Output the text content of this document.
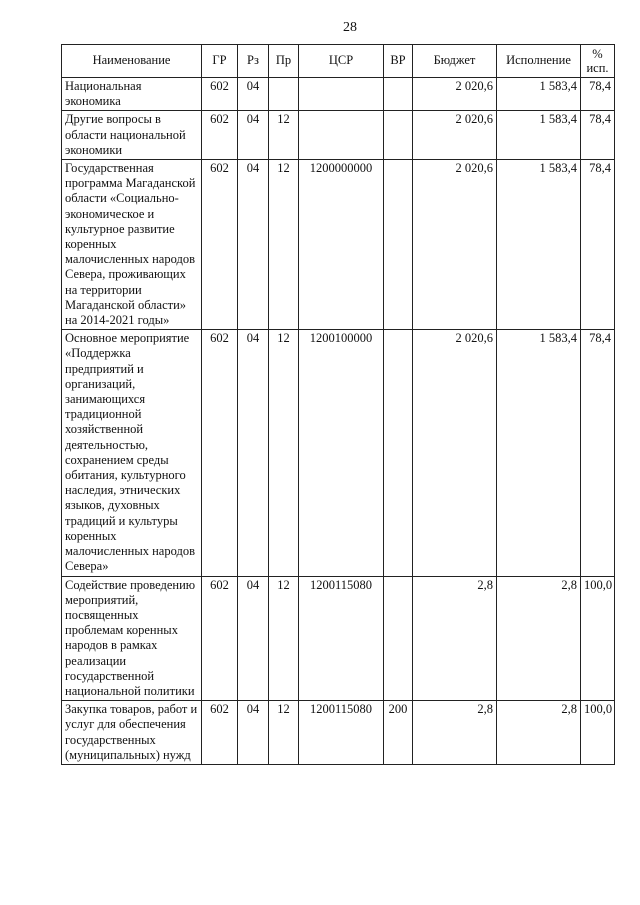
28
Наименование	ГР	Рз	Пр	ЦСР	ВР	Бюджет	Исполнение	%
исп.
Национальная экономика	602	04				2 020,6	1 583,4	78,4
Другие вопросы в области национальной экономики	602	04	12			2 020,6	1 583,4	78,4
Государственная программа Магаданской области «Социально-экономическое и культурное развитие коренных малочисленных народов Севера, проживающих на территории Магаданской области» на 2014-2021 годы»	602	04	12	1200000000		2 020,6	1 583,4	78,4
Основное мероприятие «Поддержка предприятий и организаций, занимающихся традиционной хозяйственной деятельностью, сохранением среды обитания, культурного наследия, этнических языков, духовных традиций и культуры коренных малочисленных народов Севера»	602	04	12	1200100000		2 020,6	1 583,4	78,4
Содействие проведению мероприятий, посвященных проблемам коренных народов в рамках реализации государственной национальной политики	602	04	12	1200115080		2,8	2,8	100,0
Закупка товаров, работ и услуг для обеспечения государственных (муниципальных) нужд	602	04	12	1200115080	200	2,8	2,8	100,0
